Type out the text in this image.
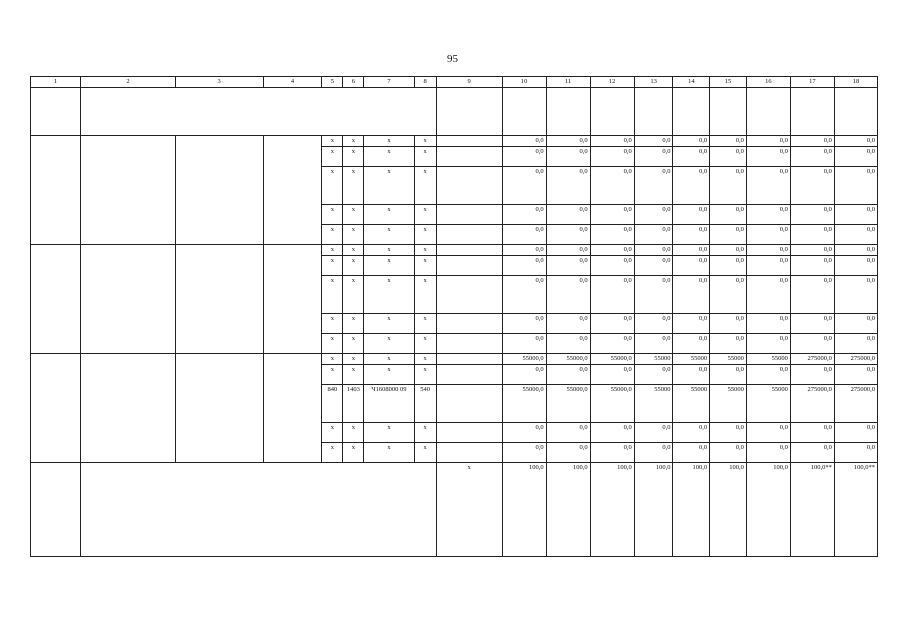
95
1	2	3	4	5	6	7	8	9	10	11	12	13	14	15	16	17	18

				x	x	x	x		0,0	0,0	0,0	0,0	0,0	0,0	0,0	0,0	0,0
				x	x	x	x		0,0	0,0	0,0	0,0	0,0	0,0	0,0	0,0	0,0
				x	x	x	x		0,0	0,0	0,0	0,0	0,0	0,0	0,0	0,0	0,0
				x	x	x	x		0,0	0,0	0,0	0,0	0,0	0,0	0,0	0,0	0,0
				x	x	x	x		0,0	0,0	0,0	0,0	0,0	0,0	0,0	0,0	0,0
				x	x	x	x		0,0	0,0	0,0	0,0	0,0	0,0	0,0	0,0	0,0
				x	x	x	x		0,0	0,0	0,0	0,0	0,0	0,0	0,0	0,0	0,0
				x	x	x	x		0,0	0,0	0,0	0,0	0,0	0,0	0,0	0,0	0,0
				x	x	x	x		0,0	0,0	0,0	0,0	0,0	0,0	0,0	0,0	0,0
				x	x	x	x		0,0	0,0	0,0	0,0	0,0	0,0	0,0	0,0	0,0
				x	x	x	x		55000,0	55000,0	55000,0	55000	55000	55000	55000	275000,0	275000,0
				x	x	x	x		0,0	0,0	0,0	0,0	0,0	0,0	0,0	0,0	0,0
				840	1403	Ч1608000 09	540		55000,0	55000,0	55000,0	55000	55000	55000	55000	275000,0	275000,0
				x	x	x	x		0,0	0,0	0,0	0,0	0,0	0,0	0,0	0,0	0,0
				x	x	x	x		0,0	0,0	0,0	0,0	0,0	0,0	0,0	0,0	0,0
								x	100,0	100,0	100,0	100,0	100,0	100,0	100,0	100,0**	100,0**
